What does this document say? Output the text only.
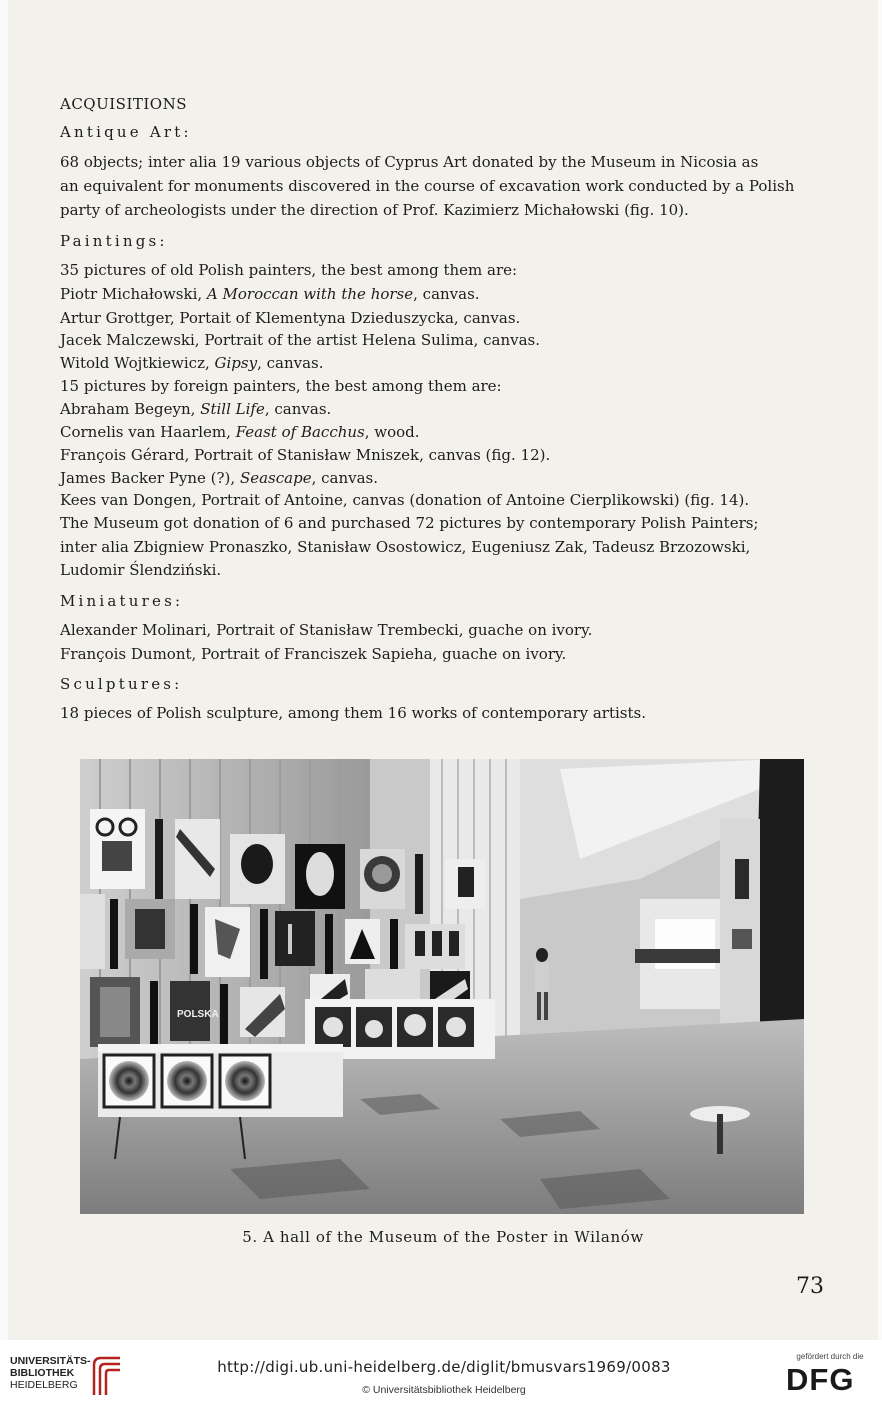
ACQUISITIONS
Antique Art:
68 objects; inter alia 19 various objects of Cyprus Art donated by the Museum in Nicosia as
an equivalent for monuments discovered in the course of excavation work conducted by a Polish
party of archeologists under the direction of Prof. Kazimierz Michałowski (fig. 10).
Paintings:
35 pictures of old Polish painters, the best among them are:
Piotr Michałowski, A Moroccan with the horse, canvas.
Artur Grottger, Portait of Klementyna Dzieduszycka, canvas.
Jacek Malczewski, Portrait of the artist Helena Sulima, canvas.
Witold Wojtkiewicz, Gipsy, canvas.
15 pictures by foreign painters, the best among them are:
Abraham Begeyn, Still Life, canvas.
Cornelis van Haarlem, Feast of Bacchus, wood.
François Gérard, Portrait of Stanisław Mniszek, canvas (fig. 12).
James Backer Pyne (?), Seascape, canvas.
Kees van Dongen, Portrait of Antoine, canvas (donation of Antoine Cierplikowski) (fig. 14).
The Museum got donation of 6 and purchased 72 pictures by contemporary Polish Painters;
inter alia Zbigniew Pronaszko, Stanisław Osostowicz, Eugeniusz Zak, Tadeusz Brzozowski,
Ludomir Ślendziński.
Miniatures:
Alexander Molinari, Portrait of Stanisław Trembecki, guache on ivory.
François Dumont, Portrait of Franciszek Sapieha, guache on ivory.
Sculptures:
18 pieces of Polish sculpture, among them 16 works of contemporary artists.
POLSKA
5. A hall of the Museum of the Poster in Wilanów
73
UNIVERSITÄTS-
BIBLIOTHEK
HEIDELBERG
http://digi.ub.uni-heidelberg.de/diglit/bmusvars1969/0083
© Universitätsbibliothek Heidelberg
gefördert durch die
DFG
